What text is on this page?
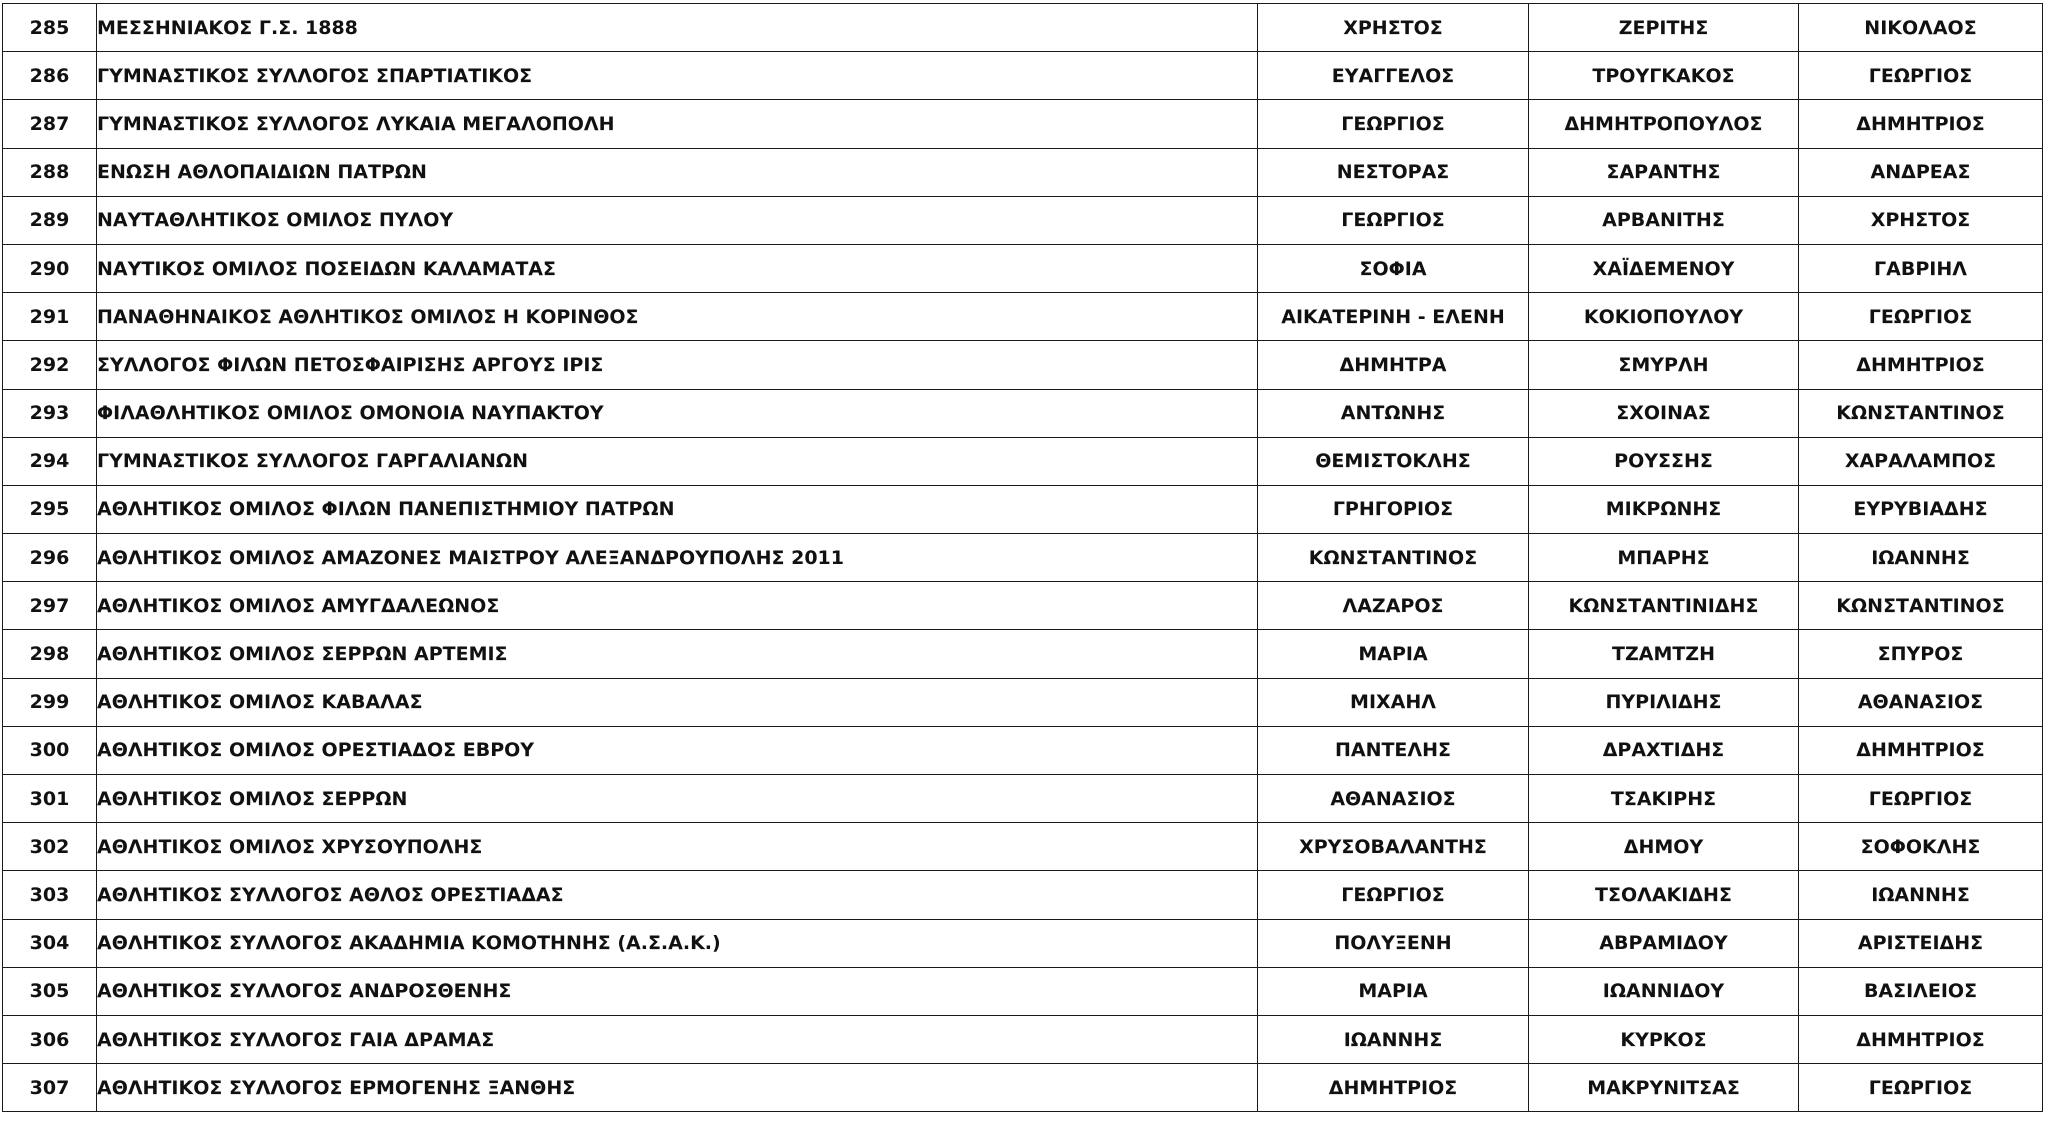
285	ΜΕΣΣΗΝΙΑΚΟΣ Γ.Σ. 1888	ΧΡΗΣΤΟΣ	ΖΕΡΙΤΗΣ	ΝΙΚΟΛΑΟΣ
286	ΓΥΜΝΑΣΤΙΚΟΣ ΣΥΛΛΟΓΟΣ ΣΠΑΡΤΙΑΤΙΚΟΣ	ΕΥΑΓΓΕΛΟΣ	ΤΡΟΥΓΚΑΚΟΣ	ΓΕΩΡΓΙΟΣ
287	ΓΥΜΝΑΣΤΙΚΟΣ ΣΥΛΛΟΓΟΣ ΛΥΚΑΙΑ ΜΕΓΑΛΟΠΟΛΗ	ΓΕΩΡΓΙΟΣ	ΔΗΜΗΤΡΟΠΟΥΛΟΣ	ΔΗΜΗΤΡΙΟΣ
288	ΕΝΩΣΗ ΑΘΛΟΠΑΙΔΙΩΝ ΠΑΤΡΩΝ	ΝΕΣΤΟΡΑΣ	ΣΑΡΑΝΤΗΣ	ΑΝΔΡΕΑΣ
289	ΝΑΥΤΑΘΛΗΤΙΚΟΣ ΟΜΙΛΟΣ ΠΥΛΟΥ	ΓΕΩΡΓΙΟΣ	ΑΡΒΑΝΙΤΗΣ	ΧΡΗΣΤΟΣ
290	ΝΑΥΤΙΚΟΣ ΟΜΙΛΟΣ ΠΟΣΕΙΔΩΝ ΚΑΛΑΜΑΤΑΣ	ΣΟΦΙΑ	ΧΑΪΔΕΜΕΝΟΥ	ΓΑΒΡΙΗΛ
291	ΠΑΝΑΘΗΝΑΙΚΟΣ ΑΘΛΗΤΙΚΟΣ ΟΜΙΛΟΣ Η ΚΟΡΙΝΘΟΣ	ΑΙΚΑΤΕΡΙΝΗ - ΕΛΕΝΗ	ΚΟΚΙΟΠΟΥΛΟΥ	ΓΕΩΡΓΙΟΣ
292	ΣΥΛΛΟΓΟΣ ΦΙΛΩΝ ΠΕΤΟΣΦΑΙΡΙΣΗΣ ΑΡΓΟΥΣ ΙΡΙΣ	ΔΗΜΗΤΡΑ	ΣΜΥΡΛΗ	ΔΗΜΗΤΡΙΟΣ
293	ΦΙΛΑΘΛΗΤΙΚΟΣ ΟΜΙΛΟΣ ΟΜΟΝΟΙΑ ΝΑΥΠΑΚΤΟΥ	ΑΝΤΩΝΗΣ	ΣΧΟΙΝΑΣ	ΚΩΝΣΤΑΝΤΙΝΟΣ
294	ΓΥΜΝΑΣΤΙΚΟΣ ΣΥΛΛΟΓΟΣ ΓΑΡΓΑΛΙΑΝΩΝ	ΘΕΜΙΣΤΟΚΛΗΣ	ΡΟΥΣΣΗΣ	ΧΑΡΑΛΑΜΠΟΣ
295	ΑΘΛΗΤΙΚΟΣ ΟΜΙΛΟΣ ΦΙΛΩΝ ΠΑΝΕΠΙΣΤΗΜΙΟΥ ΠΑΤΡΩΝ	ΓΡΗΓΟΡΙΟΣ	ΜΙΚΡΩΝΗΣ	ΕΥΡΥΒΙΑΔΗΣ
296	ΑΘΛΗΤΙΚΟΣ ΟΜΙΛΟΣ ΑΜΑΖΟΝΕΣ ΜΑΙΣΤΡΟΥ ΑΛΕΞΑΝΔΡΟΥΠΟΛΗΣ 2011	ΚΩΝΣΤΑΝΤΙΝΟΣ	ΜΠΑΡΗΣ	ΙΩΑΝΝΗΣ
297	ΑΘΛΗΤΙΚΟΣ ΟΜΙΛΟΣ ΑΜΥΓΔΑΛΕΩΝΟΣ	ΛΑΖΑΡΟΣ	ΚΩΝΣΤΑΝΤΙΝΙΔΗΣ	ΚΩΝΣΤΑΝΤΙΝΟΣ
298	ΑΘΛΗΤΙΚΟΣ ΟΜΙΛΟΣ ΣΕΡΡΩΝ ΑΡΤΕΜΙΣ	ΜΑΡΙΑ	ΤΖΑΜΤΖΗ	ΣΠΥΡΟΣ
299	ΑΘΛΗΤΙΚΟΣ ΟΜΙΛΟΣ ΚΑΒΑΛΑΣ	ΜΙΧΑΗΛ	ΠΥΡΙΛΙΔΗΣ	ΑΘΑΝΑΣΙΟΣ
300	ΑΘΛΗΤΙΚΟΣ ΟΜΙΛΟΣ ΟΡΕΣΤΙΑΔΟΣ ΕΒΡΟΥ	ΠΑΝΤΕΛΗΣ	ΔΡΑΧΤΙΔΗΣ	ΔΗΜΗΤΡΙΟΣ
301	ΑΘΛΗΤΙΚΟΣ ΟΜΙΛΟΣ ΣΕΡΡΩΝ	ΑΘΑΝΑΣΙΟΣ	ΤΣΑΚΙΡΗΣ	ΓΕΩΡΓΙΟΣ
302	ΑΘΛΗΤΙΚΟΣ ΟΜΙΛΟΣ ΧΡΥΣΟΥΠΟΛΗΣ	ΧΡΥΣΟΒΑΛΑΝΤΗΣ	ΔΗΜΟΥ	ΣΟΦΟΚΛΗΣ
303	ΑΘΛΗΤΙΚΟΣ ΣΥΛΛΟΓΟΣ ΑΘΛΟΣ ΟΡΕΣΤΙΑΔΑΣ	ΓΕΩΡΓΙΟΣ	ΤΣΟΛΑΚΙΔΗΣ	ΙΩΑΝΝΗΣ
304	ΑΘΛΗΤΙΚΟΣ ΣΥΛΛΟΓΟΣ ΑΚΑΔΗΜΙΑ ΚΟΜΟΤΗΝΗΣ (Α.Σ.Α.Κ.)	ΠΟΛΥΞΕΝΗ	ΑΒΡΑΜΙΔΟΥ	ΑΡΙΣΤΕΙΔΗΣ
305	ΑΘΛΗΤΙΚΟΣ ΣΥΛΛΟΓΟΣ ΑΝΔΡΟΣΘΕΝΗΣ	ΜΑΡΙΑ	ΙΩΑΝΝΙΔΟΥ	ΒΑΣΙΛΕΙΟΣ
306	ΑΘΛΗΤΙΚΟΣ ΣΥΛΛΟΓΟΣ ΓΑΙΑ ΔΡΑΜΑΣ	ΙΩΑΝΝΗΣ	ΚΥΡΚΟΣ	ΔΗΜΗΤΡΙΟΣ
307	ΑΘΛΗΤΙΚΟΣ ΣΥΛΛΟΓΟΣ ΕΡΜΟΓΕΝΗΣ ΞΑΝΘΗΣ	ΔΗΜΗΤΡΙΟΣ	ΜΑΚΡΥΝΙΤΣΑΣ	ΓΕΩΡΓΙΟΣ
